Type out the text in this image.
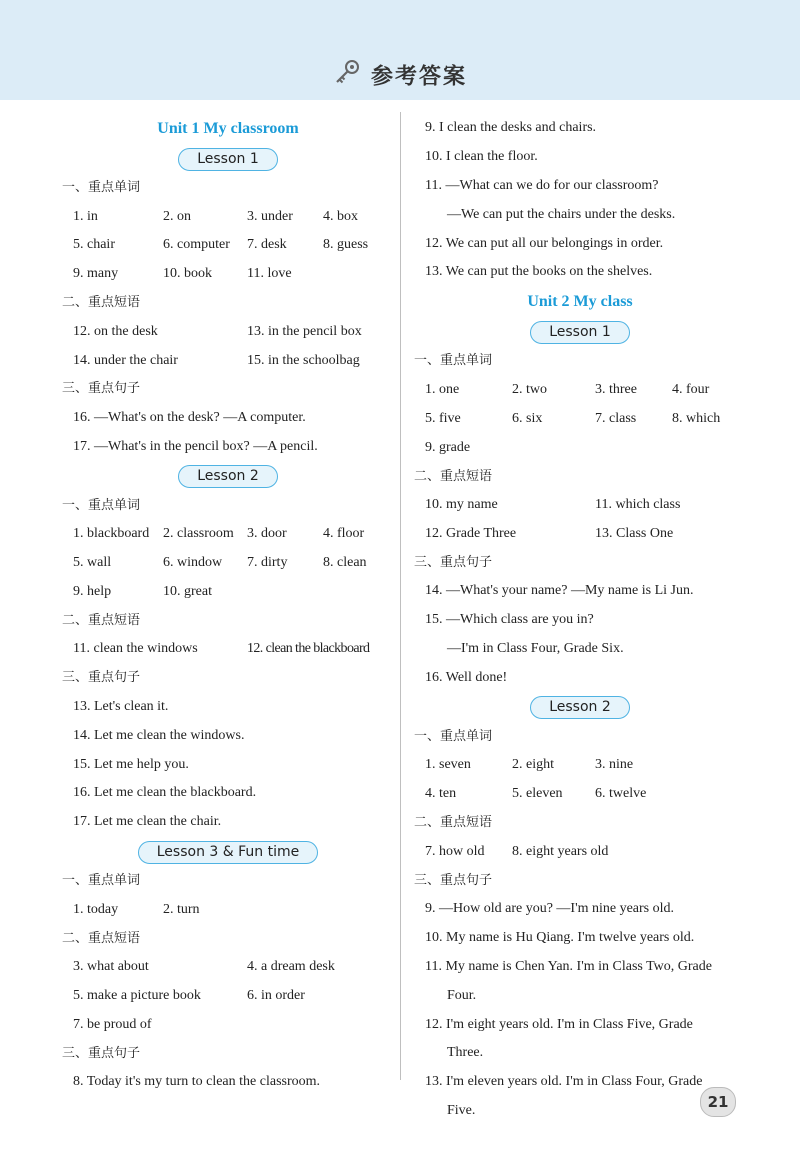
参考答案
Unit 1 My classroom
Lesson 1
一、重点单词
1. in	2. on	3. under 4. box
5. chair	6. computer 7. desk	8. guess
9. many	10. book	11. love
二、重点短语
12. on the desk	13. in the pencil box
14. under the chair	15. in the schoolbag
三、重点句子
16. —What's on the desk? —A computer.
17. —What's in the pencil box? —A pencil.
Lesson 2
一、重点单词
1. blackboard 2. classroom 3. door	4. floor
5. wall	6. window 7. dirty	8. clean
9. help	10. great
二、重点短语
11. clean the windows	12. clean the blackboard
三、重点句子
13. Let's clean it.
14. Let me clean the windows.
15. Let me help you.
16. Let me clean the blackboard.
17. Let me clean the chair.
Lesson 3 & Fun time
一、重点单词
1. today	2. turn
二、重点短语
3. what about	4. a dream desk
5. make a picture book	6. in order
7. be proud of
三、重点句子
8. Today it's my turn to clean the classroom.
9. I clean the desks and chairs.
10. I clean the floor.
11. —What can we do for our classroom?
—We can put the chairs under the desks.
12. We can put all our belongings in order.
13. We can put the books on the shelves.
Unit 2 My class
Lesson 1
一、重点单词
1. one	2. two	3. three	4. four
5. five	6. six	7. class	8. which
9. grade
二、重点短语
10. my name	11. which class
12. Grade Three	13. Class One
三、重点句子
14. —What's your name? —My name is Li Jun.
15. —Which class are you in?
—I'm in Class Four, Grade Six.
16. Well done!
Lesson 2
一、重点单词
1. seven	2. eight	3. nine
4. ten	5. eleven 6. twelve
二、重点短语
7. how old 8. eight years old
三、重点句子
9. —How old are you? —I'm nine years old.
10. My name is Hu Qiang. I'm twelve years old.
11. My name is Chen Yan. I'm in Class Two, Grade
Four.
12. I'm eight years old. I'm in Class Five, Grade
Three.
13. I'm eleven years old. I'm in Class Four, Grade
Five.	21
